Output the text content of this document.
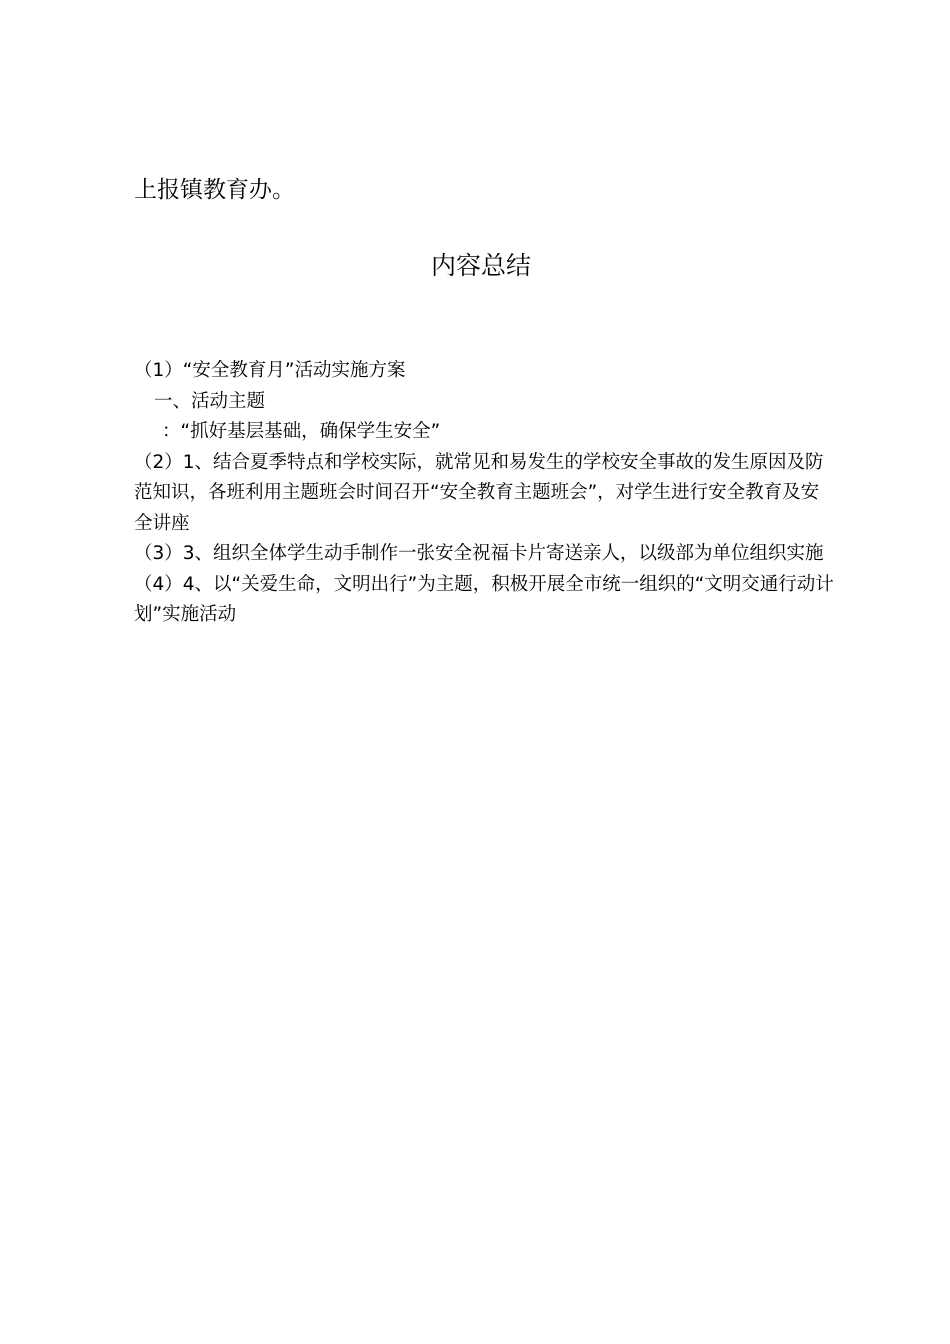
上报镇教育办。
内容总结

（1）“安全教育月”活动实施方案

一、活动主题

：“抓好基层基础，确保学生安全”

（2）1、结合夏季特点和学校实际，就常见和易发生的学校安全事故的发生原因及防范知识，各班利用主题班会时间召开“安全教育主题班会”，对学生进行安全教育及安全讲座

（3）3、组织全体学生动手制作一张安全祝福卡片寄送亲人，以级部为单位组织实施

（4）4、以“关爱生命，文明出行”为主题，积极开展全市统一组织的“文明交通行动计划”实施活动
